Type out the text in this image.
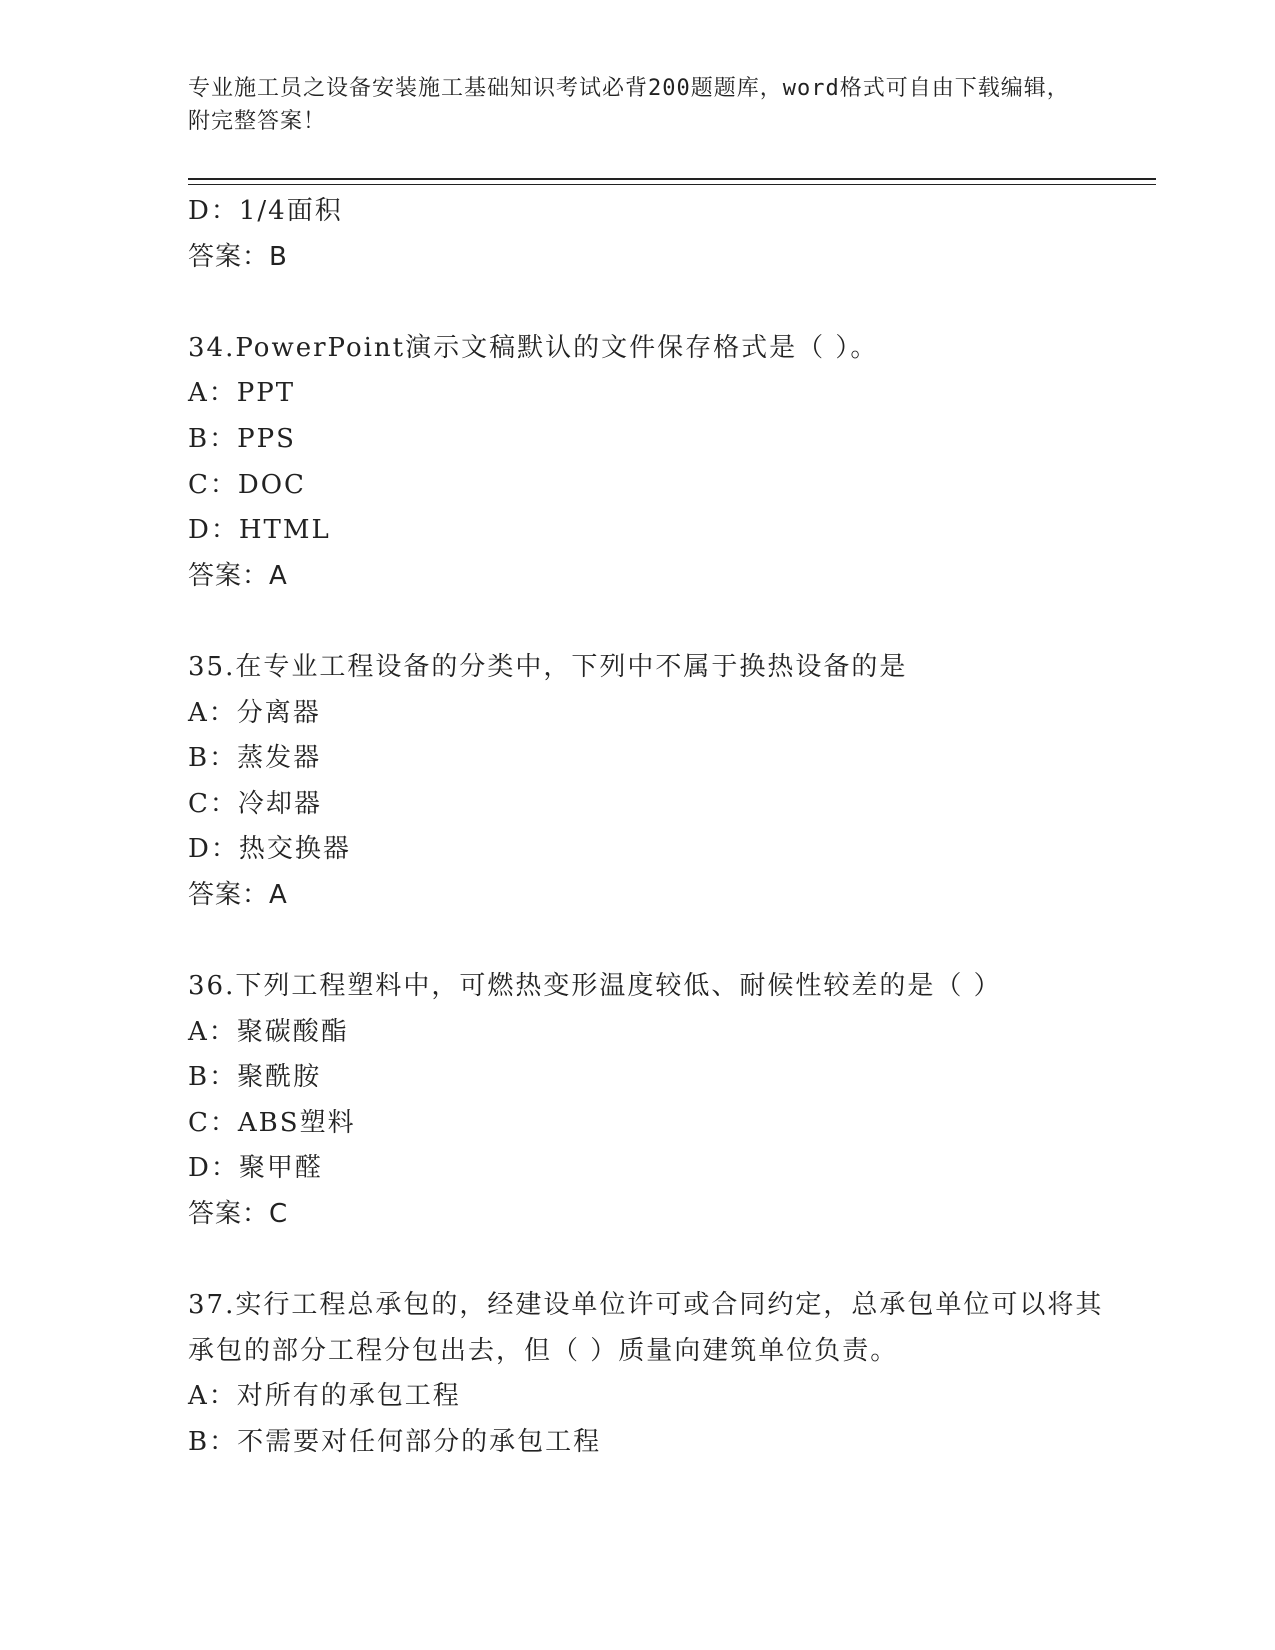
专业施工员之设备安装施工基础知识考试必背200题题库，word格式可自由下载编辑，附完整答案！
D：1/4面积
答案：B
34.PowerPoint演示文稿默认的文件保存格式是（ ）。
A：PPT
B：PPS
C：DOC
D：HTML
答案：A
35.在专业工程设备的分类中，下列中不属于换热设备的是
A：分离器
B：蒸发器
C：冷却器
D：热交换器
答案：A
36.下列工程塑料中，可燃热变形温度较低、耐候性较差的是（ ）
A：聚碳酸酯
B：聚酰胺
C：ABS塑料
D：聚甲醛
答案：C
37.实行工程总承包的，经建设单位许可或合同约定，总承包单位可以将其承包的部分工程分包出去，但（ ）质量向建筑单位负责。
A：对所有的承包工程
B：不需要对任何部分的承包工程
